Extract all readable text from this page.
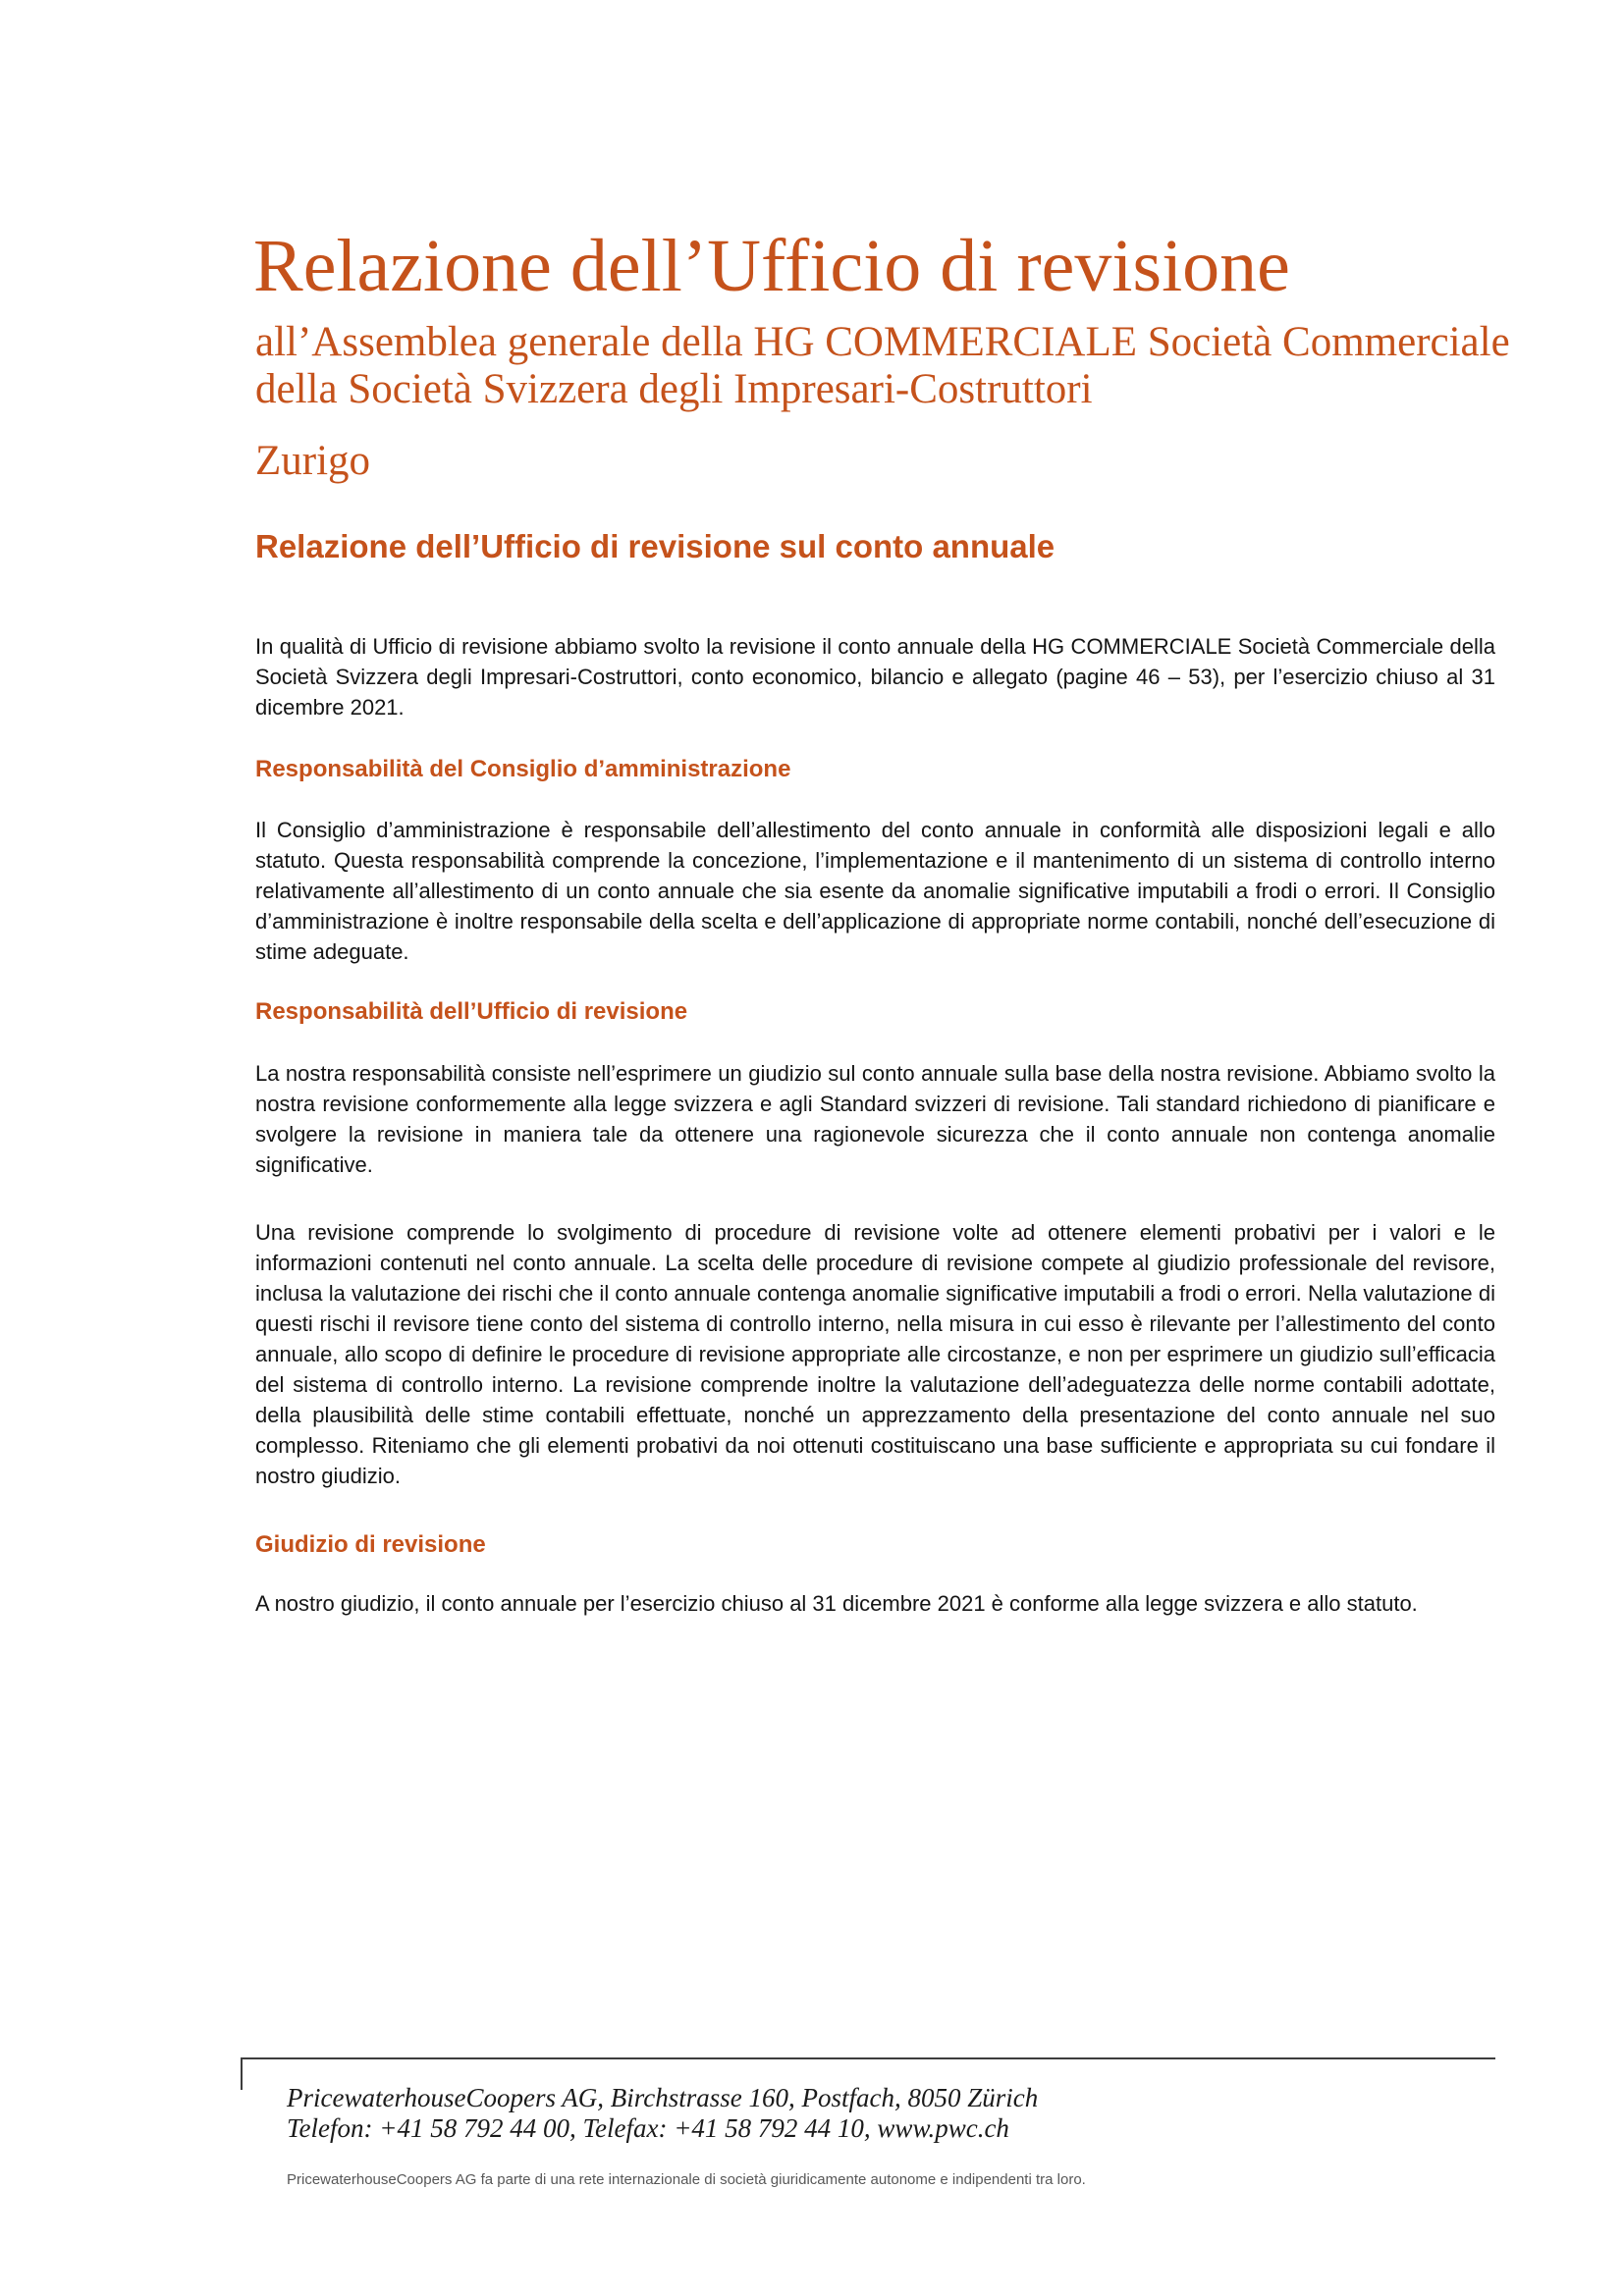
Relazione dell’Ufficio di revisione
all’Assemblea generale della HG COMMERCIALE Società Commerciale
della Società Svizzera degli Impresari-Costruttori
Zurigo
Relazione dell’Ufficio di revisione sul conto annuale

In qualità di Ufficio di revisione abbiamo svolto la revisione il conto annuale della HG COMMERCIALE Società Commerciale della Società Svizzera degli Impresari-Costruttori, conto economico, bilancio e allegato (pagine 46 – 53), per l’esercizio chiuso al 31 dicembre 2021.

Responsabilità del Consiglio d’amministrazione

Il Consiglio d’amministrazione è responsabile dell’allestimento del conto annuale in conformità alle disposizioni legali e allo statuto. Questa responsabilità comprende la concezione, l’implementazione e il mantenimento di un sistema di controllo interno relativamente all’allestimento di un conto annuale che sia esente da anomalie significative imputabili a frodi o errori. Il Consiglio d’amministrazione è inoltre responsabile della scelta e dell’applicazione di appropriate norme contabili, nonché dell’esecuzione di stime adeguate.

Responsabilità dell’Ufficio di revisione

La nostra responsabilità consiste nell’esprimere un giudizio sul conto annuale sulla base della nostra revisione. Abbiamo svolto la nostra revisione conformemente alla legge svizzera e agli Standard svizzeri di revisione. Tali standard richiedono di pianificare e svolgere la revisione in maniera tale da ottenere una ragionevole sicurezza che il conto annuale non contenga anomalie significative.

Una revisione comprende lo svolgimento di procedure di revisione volte ad ottenere elementi probativi per i valori e le informazioni contenuti nel conto annuale. La scelta delle procedure di revisione compete al giudizio professionale del revisore, inclusa la valutazione dei rischi che il conto annuale contenga anomalie significative imputabili a frodi o errori. Nella valutazione di questi rischi il revisore tiene conto del sistema di controllo interno, nella misura in cui esso è rilevante per l’allestimento del conto annuale, allo scopo di definire le procedure di revisione appropriate alle circostanze, e non per esprimere un giudizio sull’efficacia del sistema di controllo interno. La revisione comprende inoltre la valutazione dell’adeguatezza delle norme contabili adottate, della plausibilità delle stime contabili effettuate, nonché un apprezzamento della presentazione del conto annuale nel suo complesso. Riteniamo che gli elementi probativi da noi ottenuti costituiscano una base sufficiente e appropriata su cui fondare il nostro giudizio.

Giudizio di revisione

A nostro giudizio, il conto annuale per l’esercizio chiuso al 31 dicembre 2021 è conforme alla legge svizzera e allo statuto.

PricewaterhouseCoopers AG, Birchstrasse 160, Postfach, 8050 Zürich
Telefon: +41 58 792 44 00, Telefax: +41 58 792 44 10, www.pwc.ch
PricewaterhouseCoopers AG fa parte di una rete internazionale di società giuridicamente autonome e indipendenti tra loro.
